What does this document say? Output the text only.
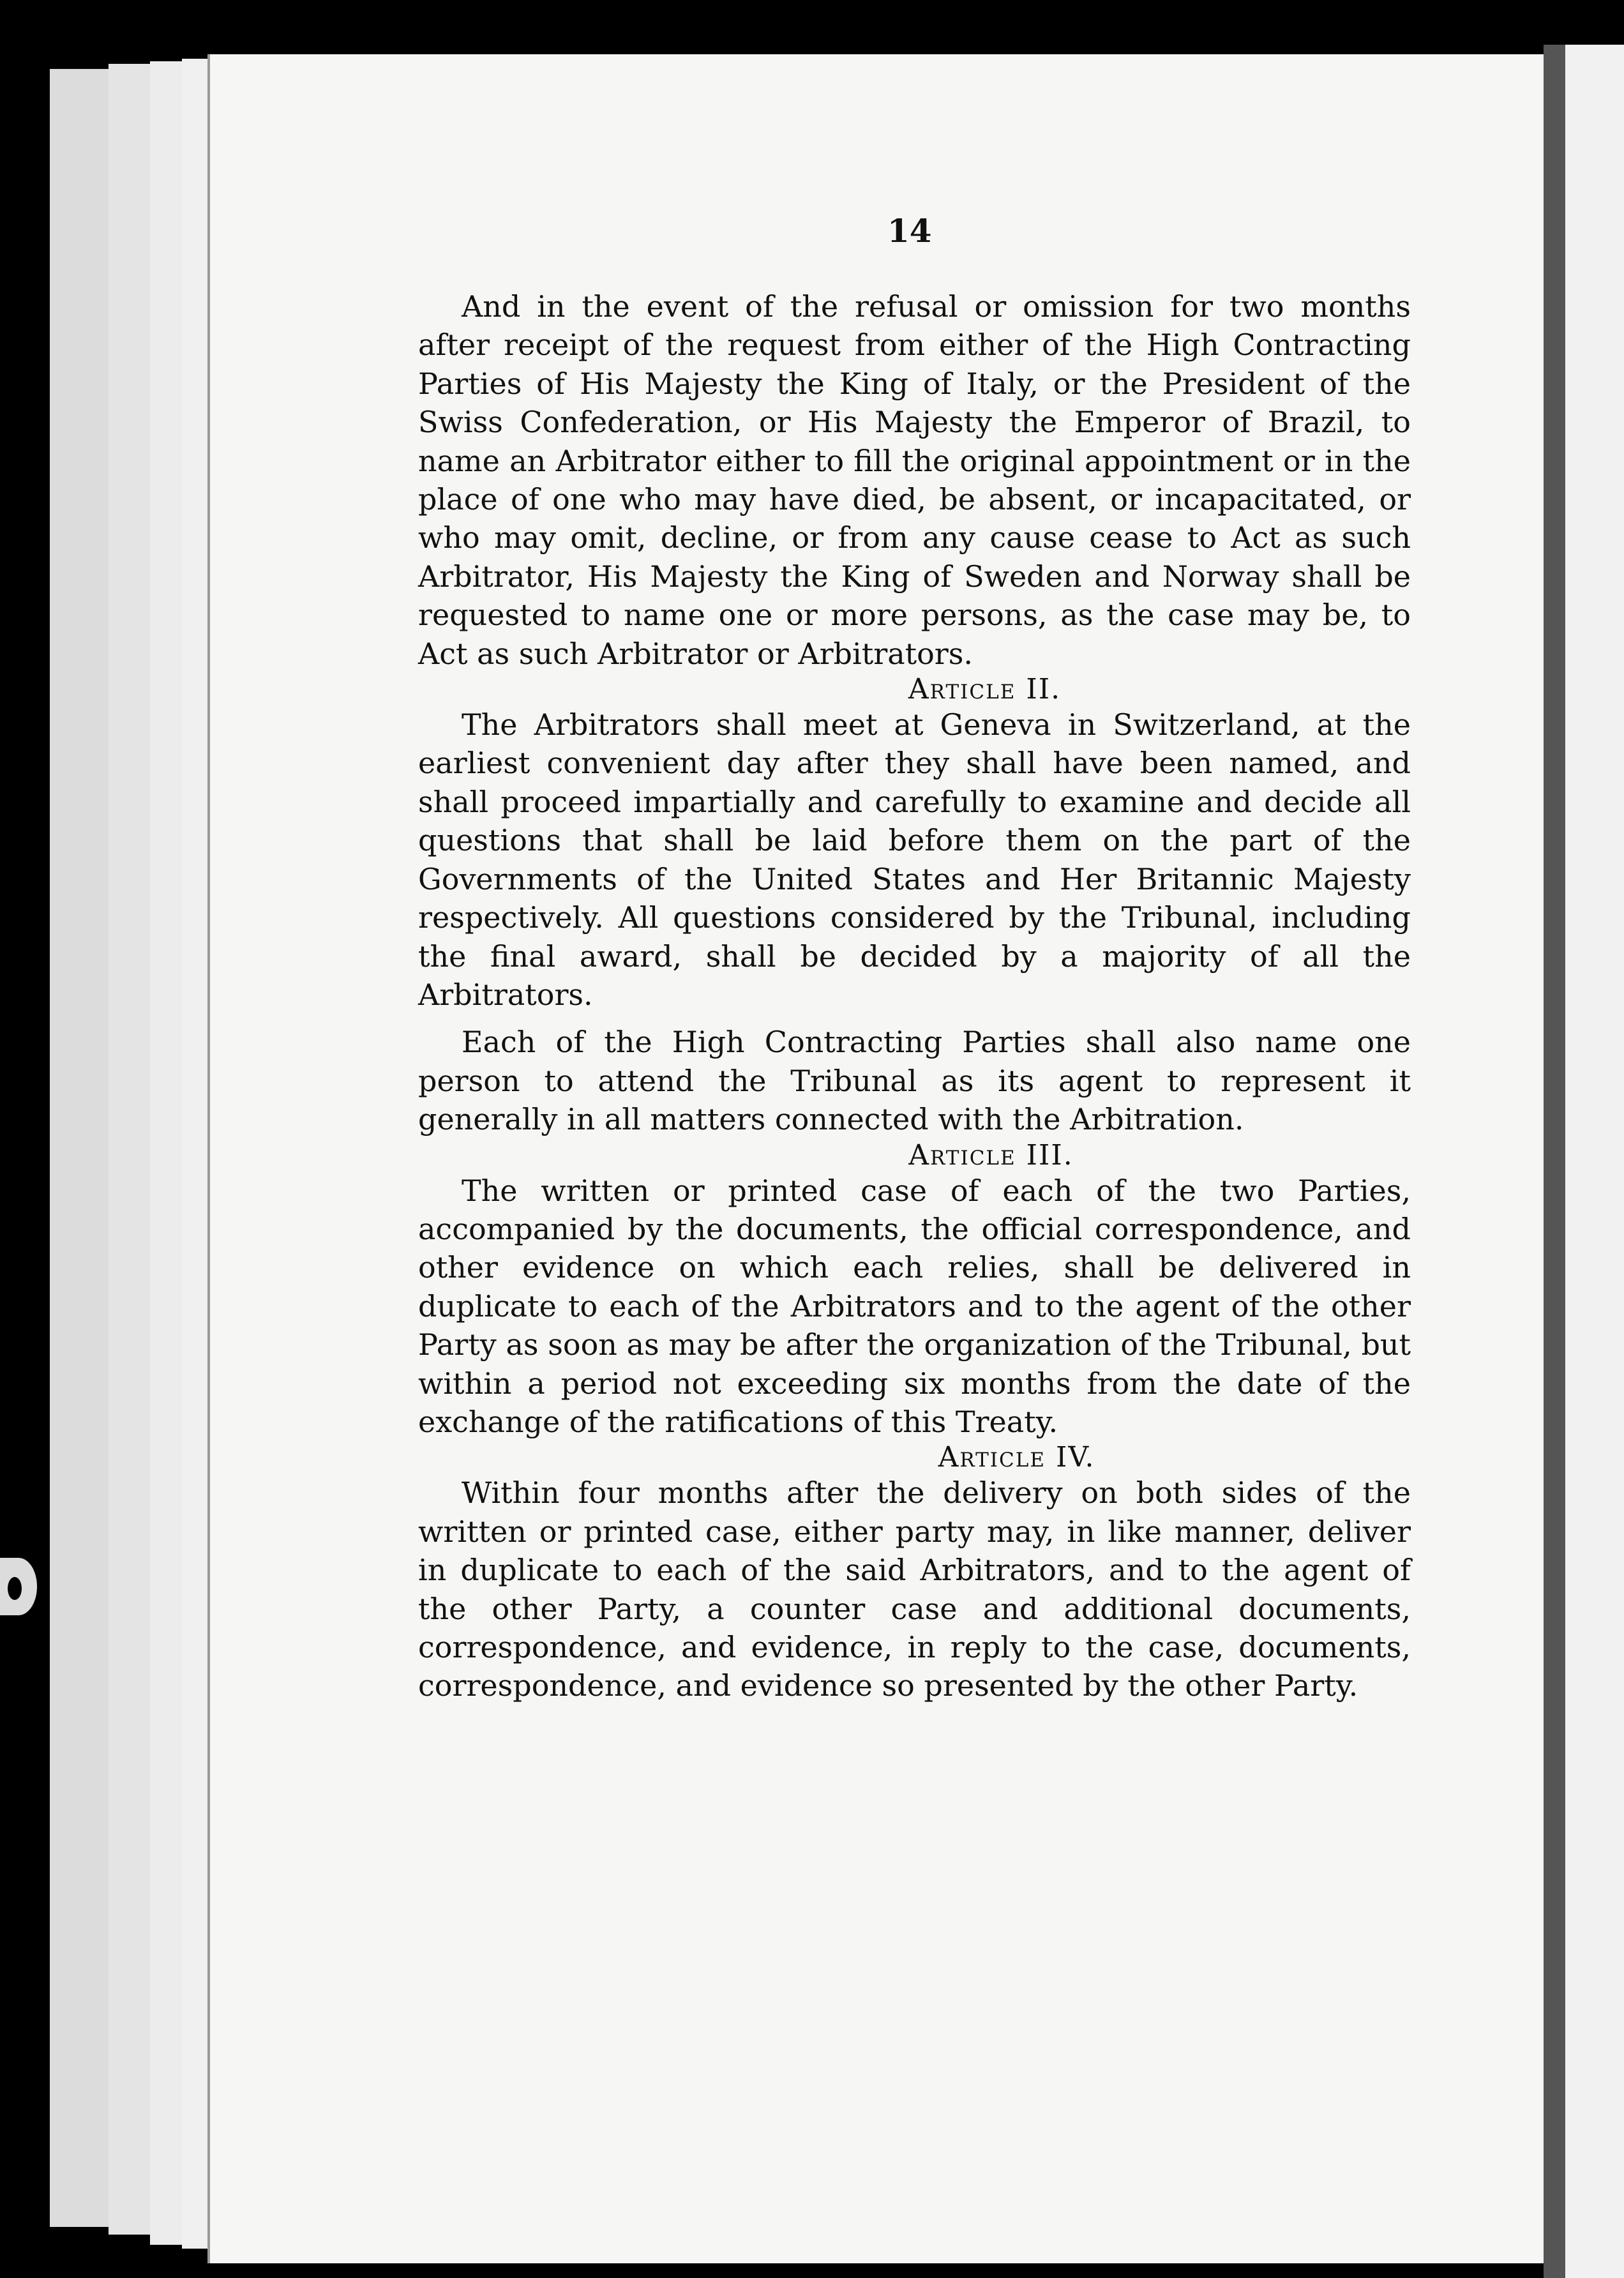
14

And in the event of the refusal or omission for two months after receipt of the request from either of the High Contracting Parties of His Majesty the King of Italy, or the President of the Swiss Confederation, or His Majesty the Emperor of Brazil, to name an Arbitrator either to fill the original appointment or in the place of one who may have died, be absent, or incapacitated, or who may omit, decline, or from any cause cease to Act as such Arbitrator, His Majesty the King of Sweden and Norway shall be requested to name one or more persons, as the case may be, to Act as such Arbitrator or Arbitrators.

Article II.

The Arbitrators shall meet at Geneva in Switzerland, at the earliest convenient day after they shall have been named, and shall proceed impartially and carefully to examine and decide all questions that shall be laid before them on the part of the Governments of the United States and Her Britannic Majesty respectively. All questions considered by the Tribunal, including the final award, shall be decided by a majority of all the Arbitrators.

Each of the High Contracting Parties shall also name one person to attend the Tribunal as its agent to represent it generally in all matters connected with the Arbitration.

Article III.

The written or printed case of each of the two Parties, accompanied by the documents, the official correspondence, and other evidence on which each relies, shall be delivered in duplicate to each of the Arbitrators and to the agent of the other Party as soon as may be after the organization of the Tribunal, but within a period not exceeding six months from the date of the exchange of the ratifications of this Treaty.

Article IV.

Within four months after the delivery on both sides of the written or printed case, either party may, in like manner, deliver in duplicate to each of the said Arbitrators, and to the agent of the other Party, a counter case and additional documents, correspondence, and evidence, in reply to the case, documents, correspondence, and evidence so presented by the other Party.
